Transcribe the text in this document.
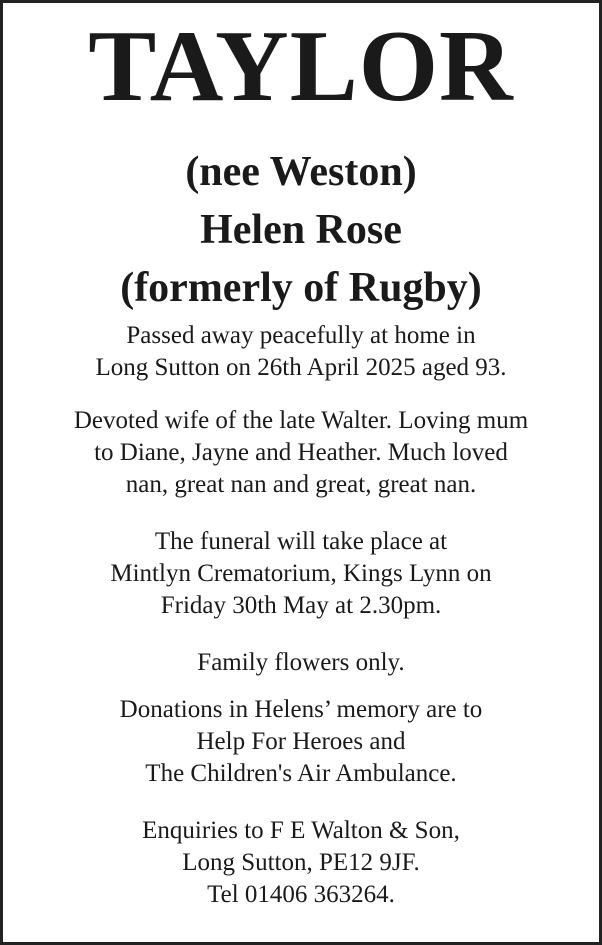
TAYLOR
(nee Weston)
Helen Rose
(formerly of Rugby)
Passed away peacefully at home in
Long Sutton on 26th April 2025 aged 93.
Devoted wife of the late Walter. Loving mum
to Diane, Jayne and Heather. Much loved
nan, great nan and great, great nan.
The funeral will take place at
Mintlyn Crematorium, Kings Lynn on
Friday 30th May at 2.30pm.
Family flowers only.
Donations in Helens’ memory are to
Help For Heroes and
The Children's Air Ambulance.
Enquiries to F E Walton & Son,
Long Sutton, PE12 9JF.
Tel 01406 363264.
